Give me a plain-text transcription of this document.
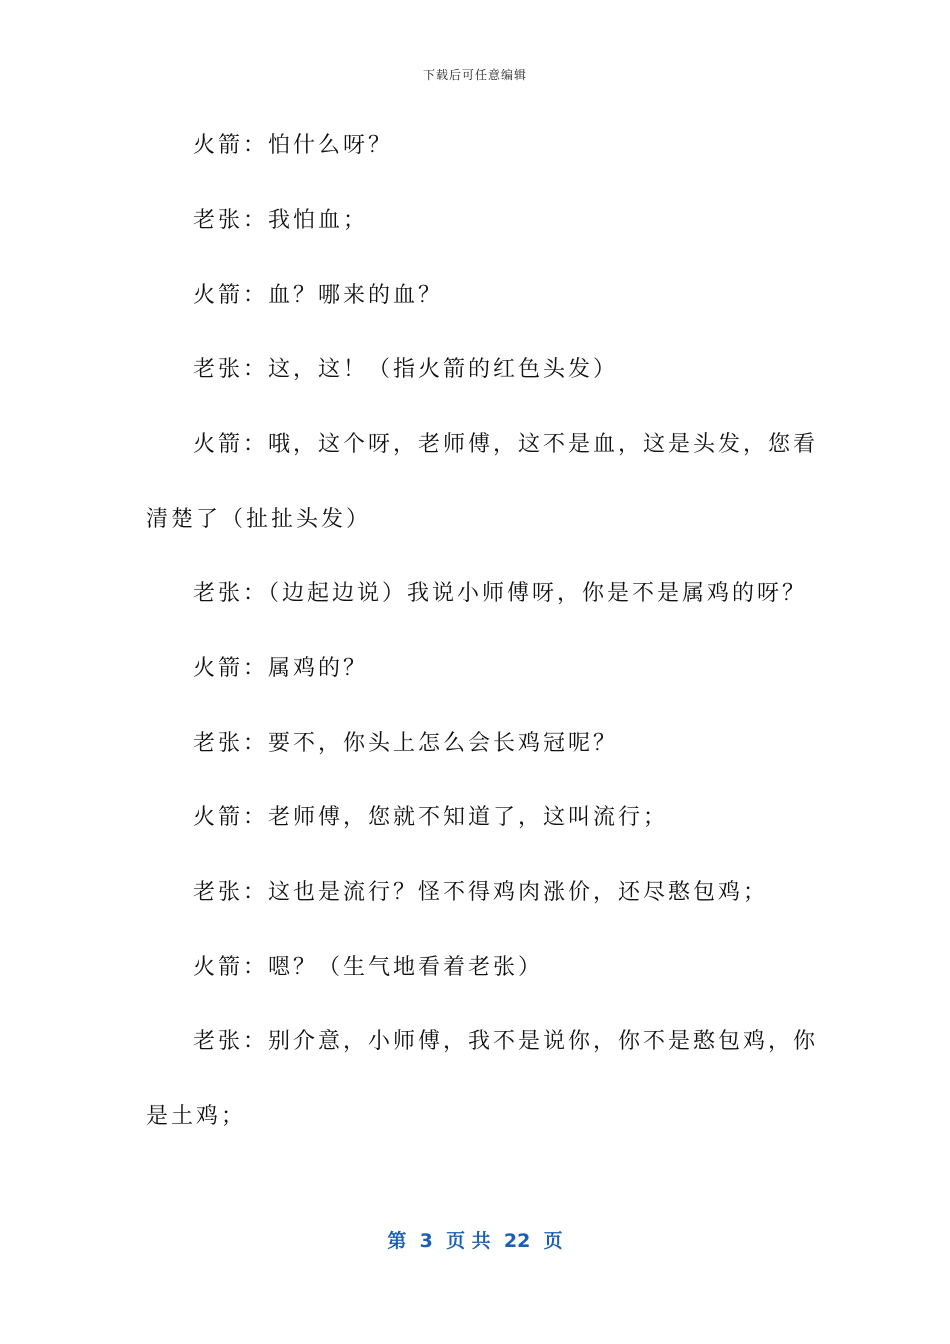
下载后可任意编辑
火箭：怕什么呀？
老张：我怕血；
火箭：血？哪来的血？
老张：这，这！（指火箭的红色头发）
火箭：哦，这个呀，老师傅，这不是血，这是头发，您看
清楚了（扯扯头发）
老张：（边起边说）我说小师傅呀，你是不是属鸡的呀？
火箭：属鸡的？
老张：要不，你头上怎么会长鸡冠呢？
火箭：老师傅，您就不知道了，这叫流行；
老张：这也是流行？怪不得鸡肉涨价，还尽憨包鸡；
火箭：嗯？（生气地看着老张）
老张：别介意，小师傅，我不是说你，你不是憨包鸡，你
是土鸡；
第  3  页 共  22  页
